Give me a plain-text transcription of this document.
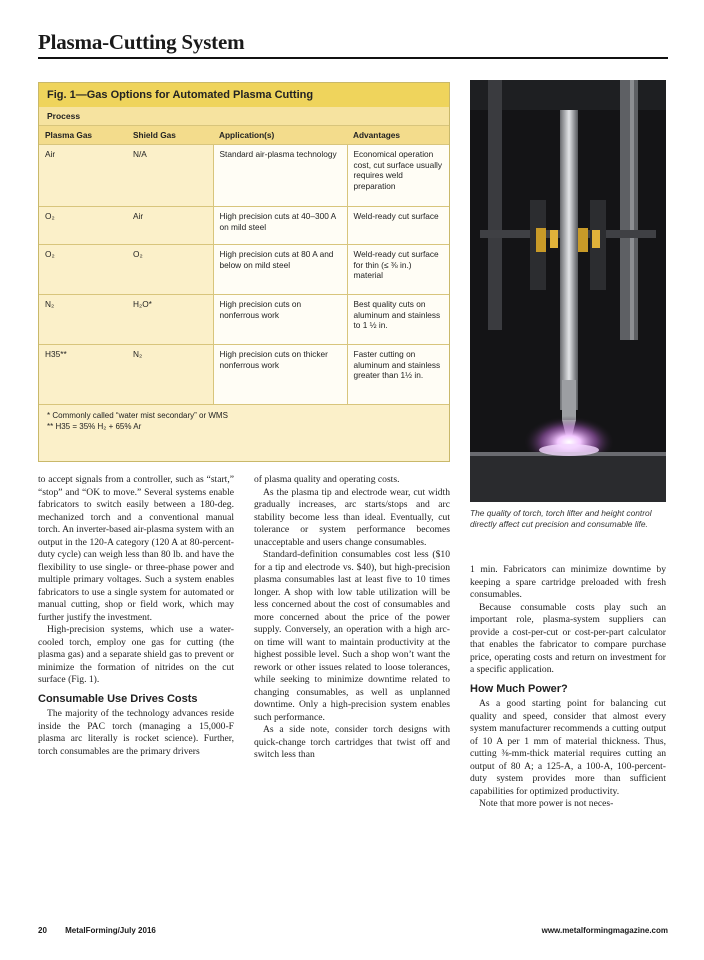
Plasma-Cutting System
Fig. 1—Gas Options for Automated Plasma Cutting
Process
Plasma Gas	Shield Gas	Application(s)	Advantages
Air	N/A	Standard air-plasma technology	Economical operation cost, cut surface usually requires weld preparation
O₂	Air	High precision cuts at 40–300 A on mild steel	Weld-ready cut surface
O₂	O₂	High precision cuts at 80 A and below on mild steel	Weld-ready cut surface for thin (≤ ⅜ in.) material
N₂	H₂O*	High precision cuts on nonferrous work	Best quality cuts on aluminum and stainless to 1 ½ in.
H35**	N₂	High precision cuts on thicker nonferrous work	Faster cutting on aluminum and stainless greater than 1½ in.
* Commonly called “water mist secondary” or WMS
** H35 = 35% H₂ + 65% Ar
The quality of torch, torch lifter and height control directly affect cut precision and consumable life.

to accept signals from a controller, such as “start,” “stop” and “OK to move.” Several systems enable fabricators to switch easily between a 180-deg. mechanized torch and a conventional manual torch. An inverter-based air-plasma system with an output in the 120-A category (120 A at 80-percent-duty cycle) can weigh less than 80 lb. and have the flexibility to use single- or three-phase power and multiple primary voltages. Such a system enables fabricators to use a single system for automated or manual cutting, shop or field work, which may further justify the investment.

High-precision systems, which use a water-cooled torch, employ one gas for cutting (the plasma gas) and a separate shield gas to prevent or minimize the formation of nitrides on the cut surface (Fig. 1).

Consumable Use Drives Costs

The majority of the technology advances reside inside the PAC torch (managing a 15,000-F plasma arc literally is rocket science). Further, torch consumables are the primary drivers

of plasma quality and operating costs.

As the plasma tip and electrode wear, cut width gradually increases, arc starts/stops and arc stability become less than ideal. Eventually, cut tolerance or system performance becomes unacceptable and users change consumables.

Standard-definition consumables cost less ($10 for a tip and electrode vs. $40), but high-precision plasma consumables last at least five to 10 times longer. A shop with low table utilization will be less concerned about the cost of consumables and more concerned about the price of the power supply. Conversely, an operation with a high arc-on time will want to maintain productivity at the highest possible level. Such a shop won’t want the rework or other issues related to loose tolerances, while seeking to minimize downtime related to changing consumables, as well as unplanned downtime. Only a high-precision system enables such performance.

As a side note, consider torch designs with quick-change torch cartridges that twist off and switch less than

1 min. Fabricators can minimize downtime by keeping a spare cartridge preloaded with fresh consumables.

Because consumable costs play such an important role, plasma-system suppliers can provide a cost-per-cut or cost-per-part calculator that enables the fabricator to compare purchase price, operating costs and return on investment for a specific application.

How Much Power?

As a good starting point for balancing cut quality and speed, consider that almost every system manufacturer recommends a cutting output of 10 A per 1 mm of material thickness. Thus, cutting ⅜-mm-thick material requires cutting an output of 80 A; a 125-A, a 100-A, 100-percent-duty system provides more than sufficient capabilities for optimized productivity.

Note that more power is not neces-

20 MetalForming/July 2016	www.metalformingmagazine.com
